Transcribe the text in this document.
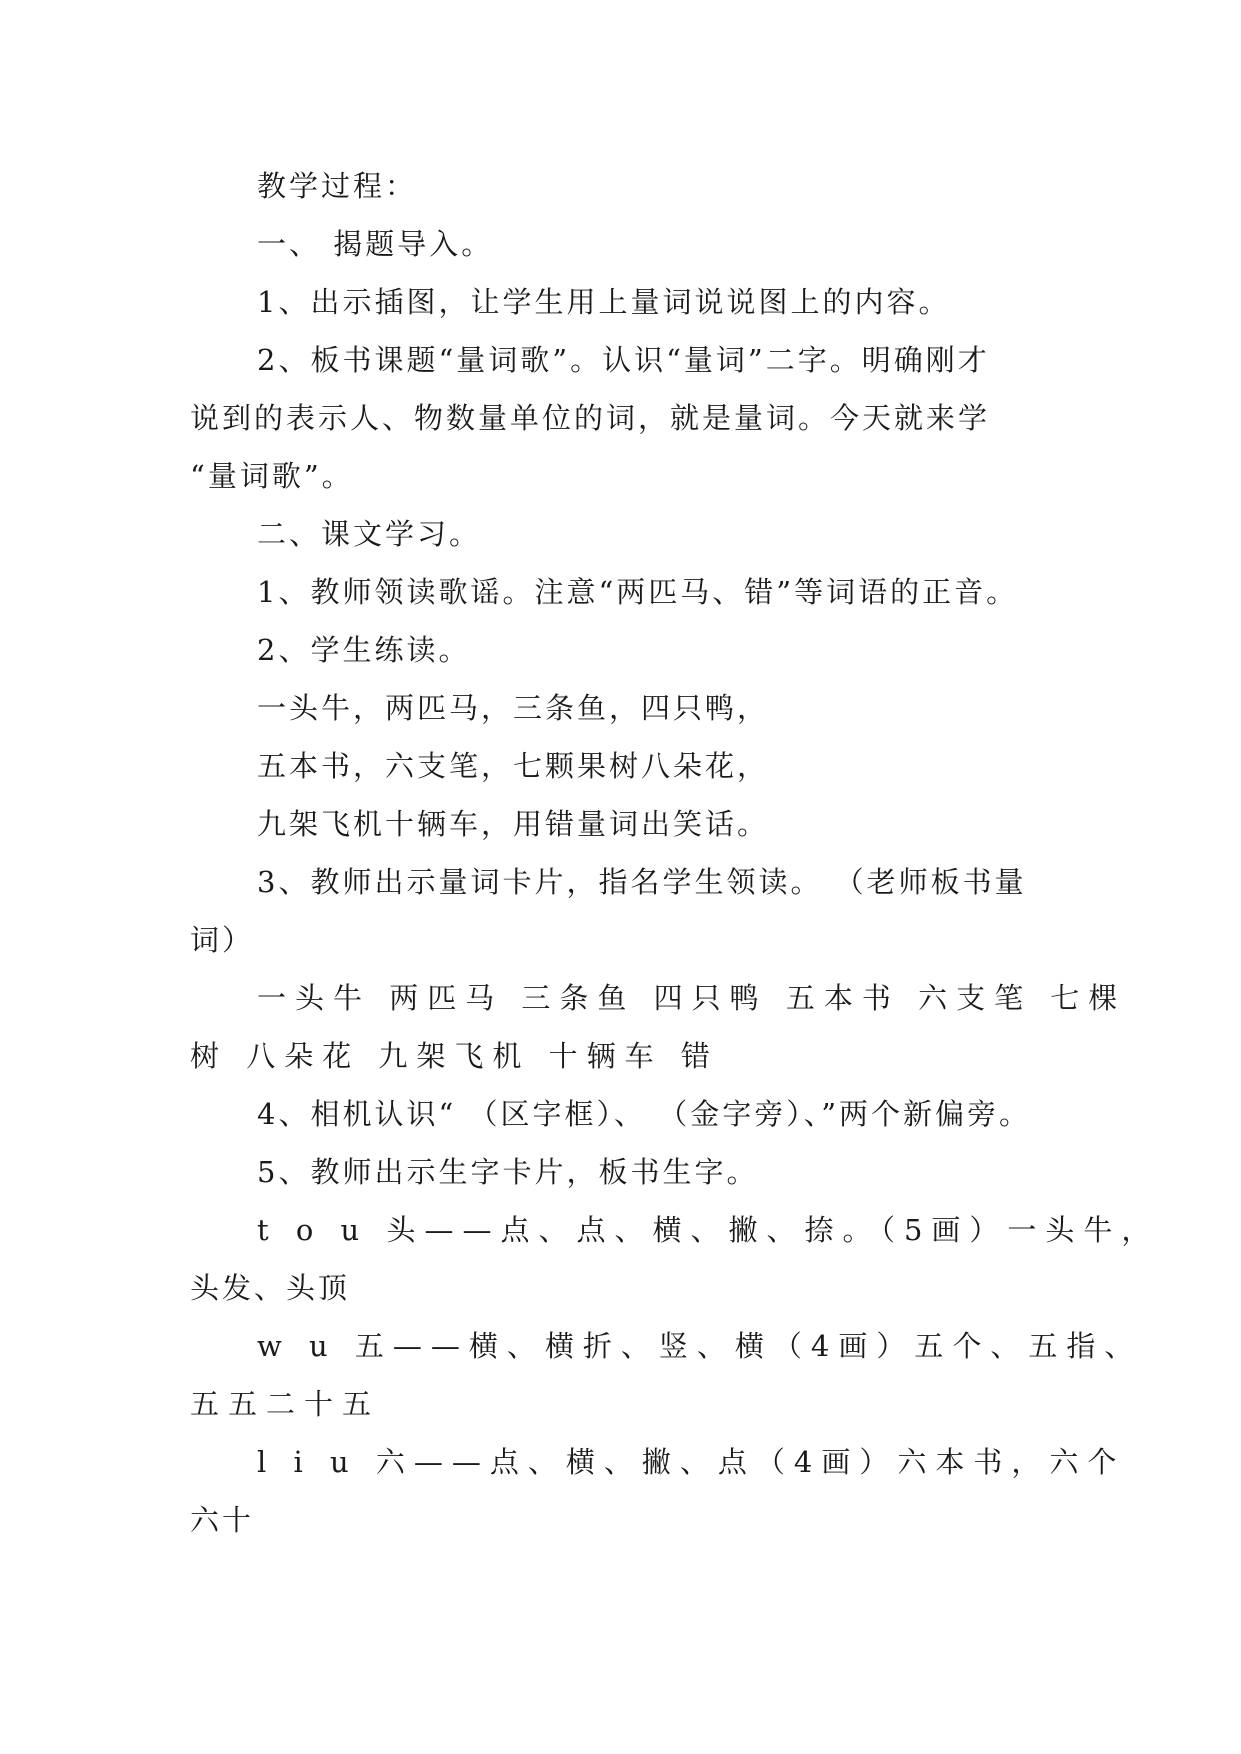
教学过程：
一、 揭题导入。
1、出示插图，让学生用上量词说说图上的内容。
2、板书课题“量词歌”。认识“量词”二字。明确刚才
说到的表示人、物数量单位的词，就是量词。今天就来学
“量词歌”。
二、课文学习。
1、教师领读歌谣。注意“两匹马、错”等词语的正音。
2、学生练读。
一头牛，两匹马，三条鱼，四只鸭，
五本书，六支笔，七颗果树八朵花，
九架飞机十辆车，用错量词出笑话。
3、教师出示量词卡片，指名学生领读。 （老师板书量
词）
一头牛 两匹马 三条鱼 四只鸭 五本书 六支笔 七棵
树 八朵花 九架飞机 十辆车 错
4、相机认识“ （区字框）、 （金字旁）、”两个新偏旁。
5、教师出示生字卡片，板书生字。
t o u 头——点、点、横、撇、捺。（5画）一头牛，
头发、头顶
w u 五——横、横折、竖、横（4画）五个、五指、
五五二十五
l i u 六——点、横、撇、点（4画）六本书，六个
六十
